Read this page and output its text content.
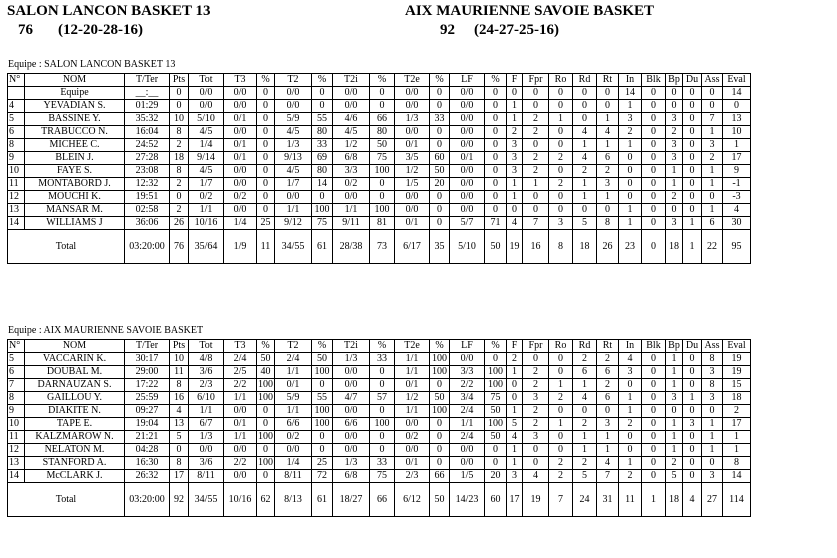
SALON LANCON BASKET 13
76 (12-20-28-16)
AIX MAURIENNE SAVOIE BASKET
92 (24-27-25-16)
Equipe : SALON LANCON BASKET 13
N°	NOM	T/Ter	Pts	Tot	T3	%	T2	%	T2i	%	T2e	%	LF	%	F	Fpr	Ro	Rd	Rt	In	Blk	Bp	Du	Ass	Eval
	Equipe	__:__	0	0/0	0/0	0	0/0	0	0/0	0	0/0	0	0/0	0	0	0	0	0	0	14	0	0	0	0	14
4	YEVADIAN S.	01:29	0	0/0	0/0	0	0/0	0	0/0	0	0/0	0	0/0	0	1	0	0	0	0	1	0	0	0	0	0
5	BASSINE Y.	35:32	10	5/10	0/1	0	5/9	55	4/6	66	1/3	33	0/0	0	1	2	1	0	1	3	0	3	0	7	13
6	TRABUCCO N.	16:04	8	4/5	0/0	0	4/5	80	4/5	80	0/0	0	0/0	0	2	2	0	4	4	2	0	2	0	1	10
8	MICHEE C.	24:52	2	1/4	0/1	0	1/3	33	1/2	50	0/1	0	0/0	0	3	0	0	1	1	1	0	3	0	3	1
9	BLEIN J.	27:28	18	9/14	0/1	0	9/13	69	6/8	75	3/5	60	0/1	0	3	2	2	4	6	0	0	3	0	2	17
10	FAYE S.	23:08	8	4/5	0/0	0	4/5	80	3/3	100	1/2	50	0/0	0	3	2	0	2	2	0	0	1	0	1	9
11	MONTABORD J.	12:32	2	1/7	0/0	0	1/7	14	0/2	0	1/5	20	0/0	0	1	1	2	1	3	0	0	1	0	1	-1
12	MOUCHI K.	19:51	0	0/2	0/2	0	0/0	0	0/0	0	0/0	0	0/0	0	1	0	0	1	1	0	0	2	0	0	-3
13	MANSAR M.	02:58	2	1/1	0/0	0	1/1	100	1/1	100	0/0	0	0/0	0	0	0	0	0	0	1	0	0	0	1	4
14	WILLIAMS J	36:06	26	10/16	1/4	25	9/12	75	9/11	81	0/1	0	5/7	71	4	7	3	5	8	1	0	3	1	6	30
Total		03:20:00	76	35/64	1/9	11	34/55	61	28/38	73	6/17	35	5/10	50	19	16	8	18	26	23	0	18	1	22	95
Equipe : AIX MAURIENNE SAVOIE BASKET
N°	NOM	T/Ter	Pts	Tot	T3	%	T2	%	T2i	%	T2e	%	LF	%	F	Fpr	Ro	Rd	Rt	In	Blk	Bp	Du	Ass	Eval
5	VACCARIN K.	30:17	10	4/8	2/4	50	2/4	50	1/3	33	1/1	100	0/0	0	2	0	0	2	2	4	0	1	0	8	19
6	DOUBAL M.	29:00	11	3/6	2/5	40	1/1	100	0/0	0	1/1	100	3/3	100	1	2	0	6	6	3	0	1	0	3	19
7	DARNAUZAN S.	17:22	8	2/3	2/2	100	0/1	0	0/0	0	0/1	0	2/2	100	0	2	1	1	2	0	0	1	0	8	15
8	GAILLOU Y.	25:59	16	6/10	1/1	100	5/9	55	4/7	57	1/2	50	3/4	75	0	3	2	4	6	1	0	3	1	3	18
9	DIAKITE N.	09:27	4	1/1	0/0	0	1/1	100	0/0	0	1/1	100	2/4	50	1	2	0	0	0	1	0	0	0	0	2
10	TAPE E.	19:04	13	6/7	0/1	0	6/6	100	6/6	100	0/0	0	1/1	100	5	2	1	2	3	2	0	1	3	1	17
11	KALZMAROW N.	21:21	5	1/3	1/1	100	0/2	0	0/0	0	0/2	0	2/4	50	4	3	0	1	1	0	0	1	0	1	1
12	NELATON M.	04:28	0	0/0	0/0	0	0/0	0	0/0	0	0/0	0	0/0	0	1	0	0	1	1	0	0	1	0	1	1
13	STANFORD A.	16:30	8	3/6	2/2	100	1/4	25	1/3	33	0/1	0	0/0	0	1	0	2	2	4	1	0	2	0	0	8
14	McCLARK J.	26:32	17	8/11	0/0	0	8/11	72	6/8	75	2/3	66	1/5	20	3	4	2	5	7	2	0	5	0	3	14
Total		03:20:00	92	34/55	10/16	62	8/13	61	18/27	66	6/12	50	14/23	60	17	19	7	24	31	11	1	18	4	27	114
